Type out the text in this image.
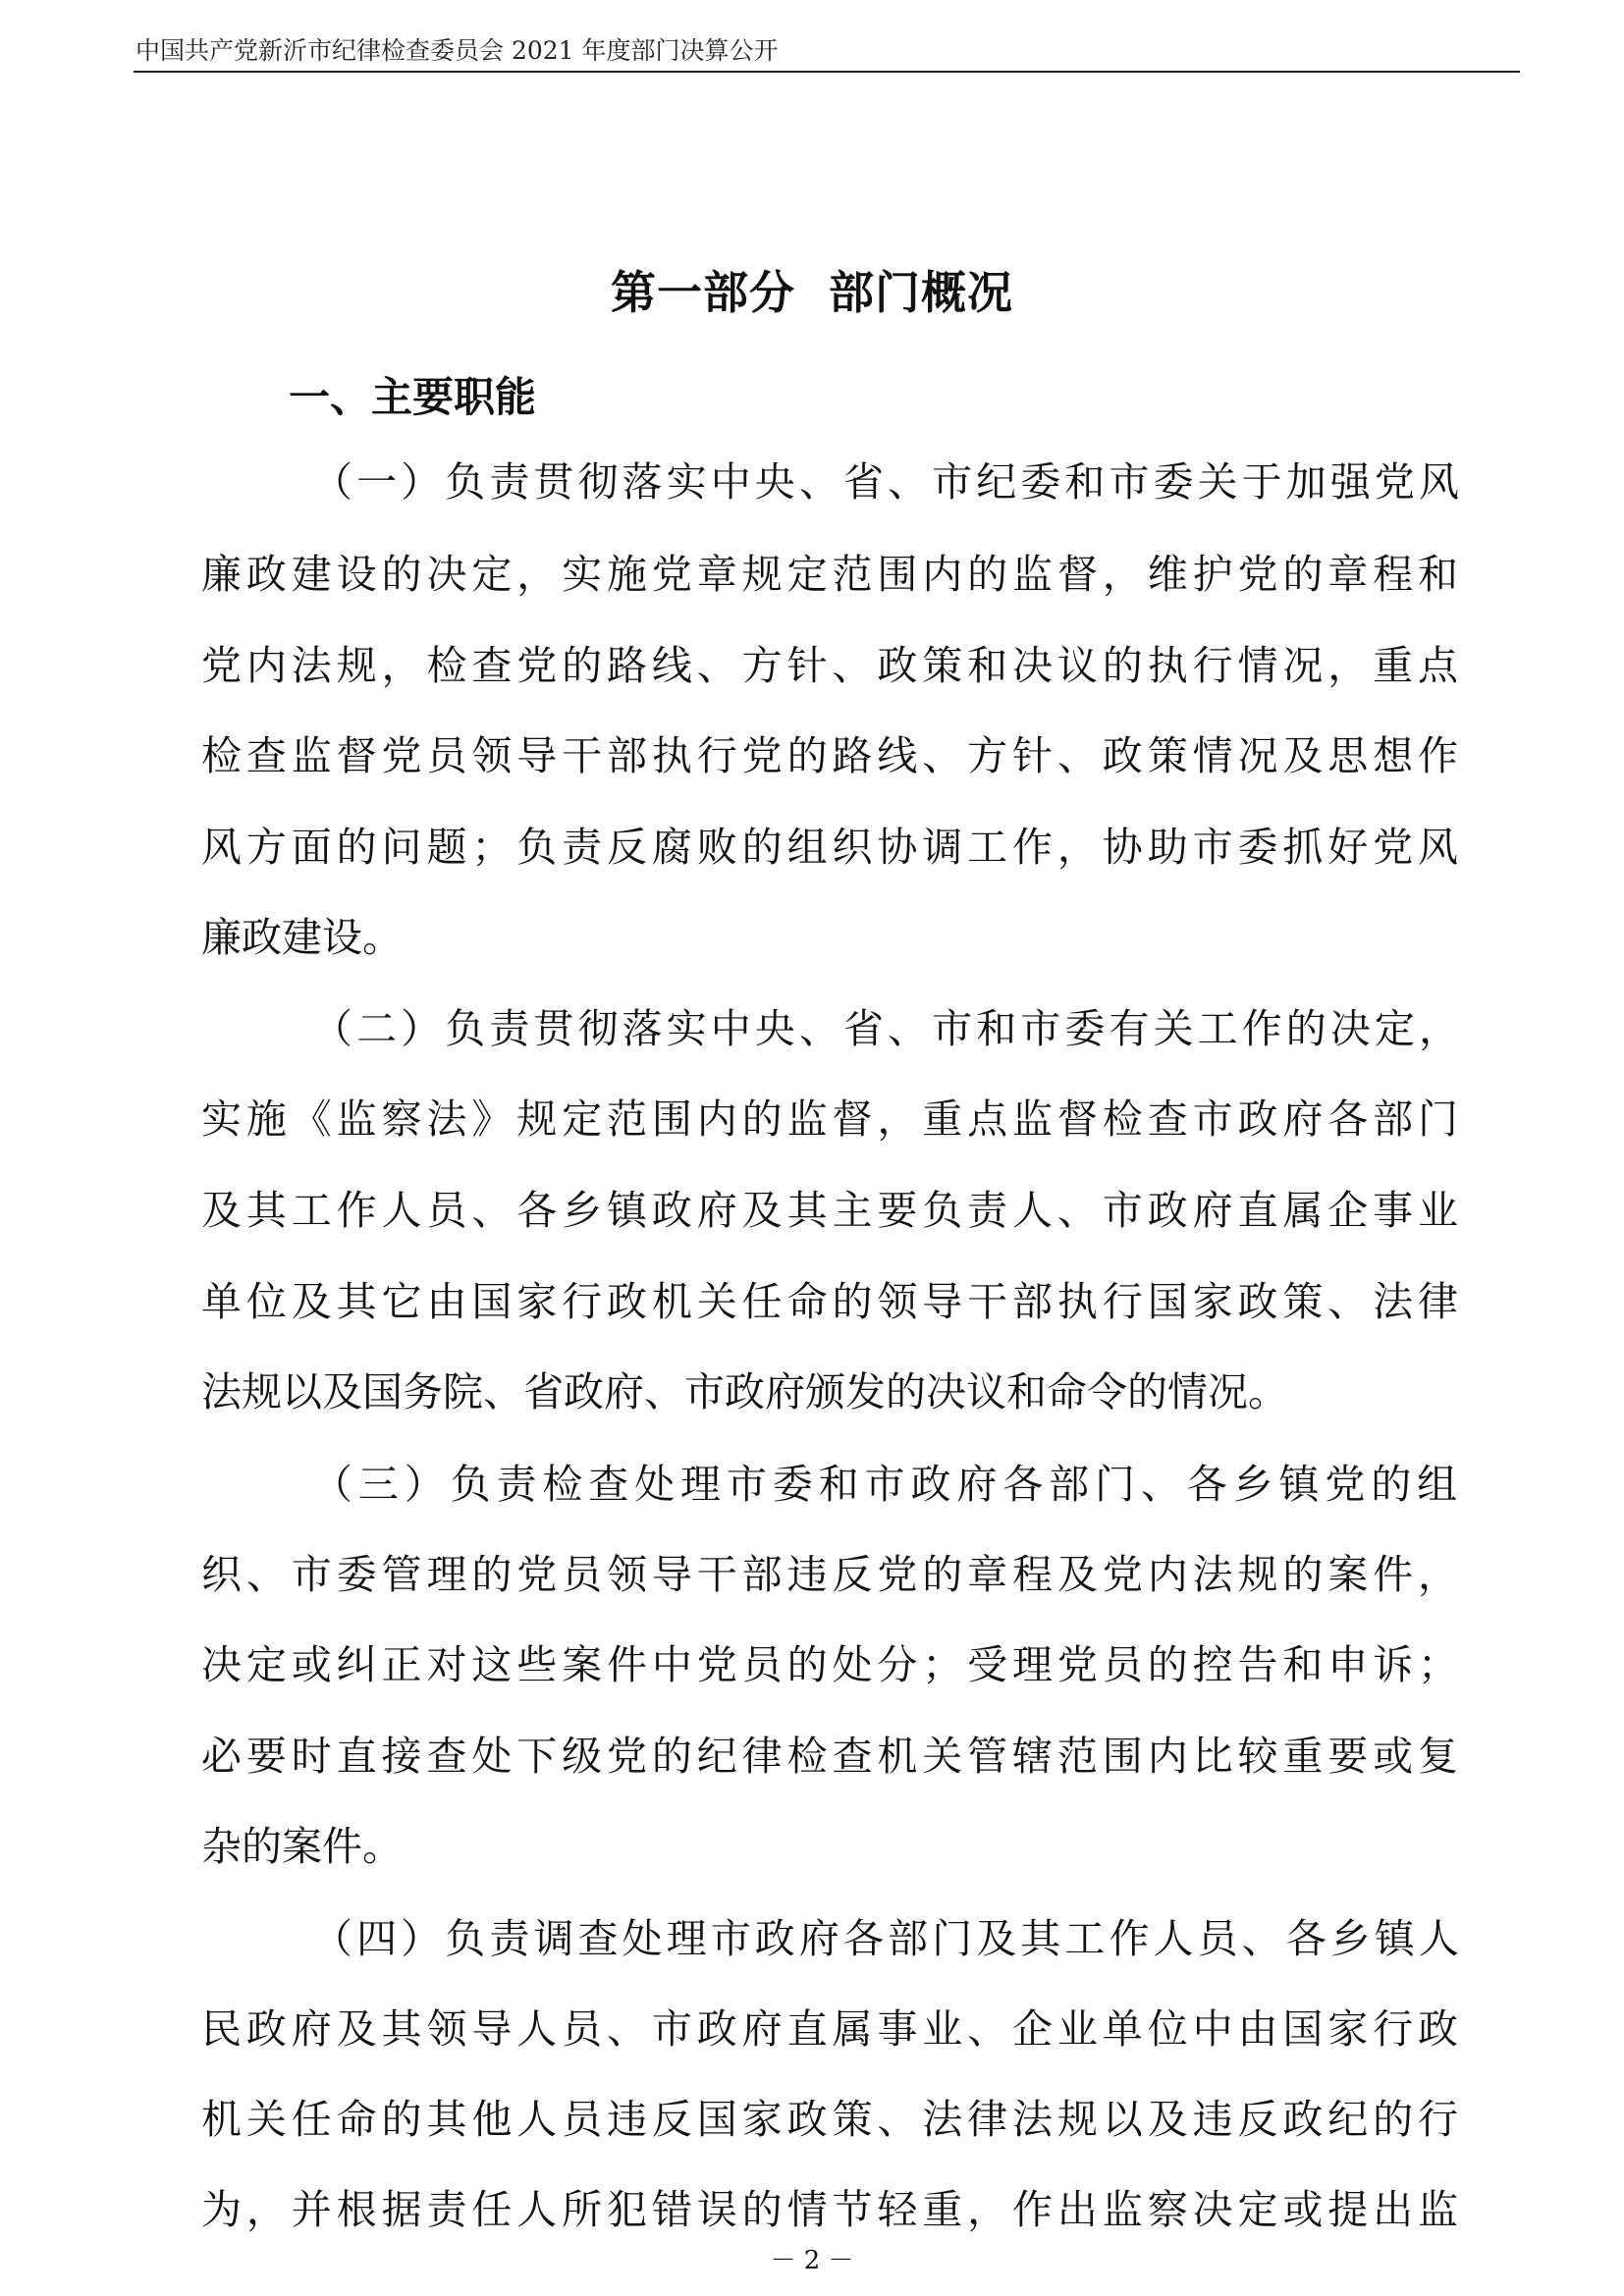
中国共产党新沂市纪律检查委员会 2021 年度部门决算公开
第一部分  部门概况
一、主要职能
（一）负责贯彻落实中央、省、市纪委和市委关于加强党风
廉政建设的决定，实施党章规定范围内的监督，维护党的章程和
党内法规，检查党的路线、方针、政策和决议的执行情况，重点
检查监督党员领导干部执行党的路线、方针、政策情况及思想作
风方面的问题；负责反腐败的组织协调工作，协助市委抓好党风
廉政建设。
（二）负责贯彻落实中央、省、市和市委有关工作的决定，
实施《监察法》规定范围内的监督，重点监督检查市政府各部门
及其工作人员、各乡镇政府及其主要负责人、市政府直属企事业
单位及其它由国家行政机关任命的领导干部执行国家政策、法律
法规以及国务院、省政府、市政府颁发的决议和命令的情况。
（三）负责检查处理市委和市政府各部门、各乡镇党的组
织、市委管理的党员领导干部违反党的章程及党内法规的案件，
决定或纠正对这些案件中党员的处分；受理党员的控告和申诉；
必要时直接查处下级党的纪律检查机关管辖范围内比较重要或复
杂的案件。
（四）负责调查处理市政府各部门及其工作人员、各乡镇人
民政府及其领导人员、市政府直属事业、企业单位中由国家行政
机关任命的其他人员违反国家政策、法律法规以及违反政纪的行
为，并根据责任人所犯错误的情节轻重，作出监察决定或提出监
－ 2 －
